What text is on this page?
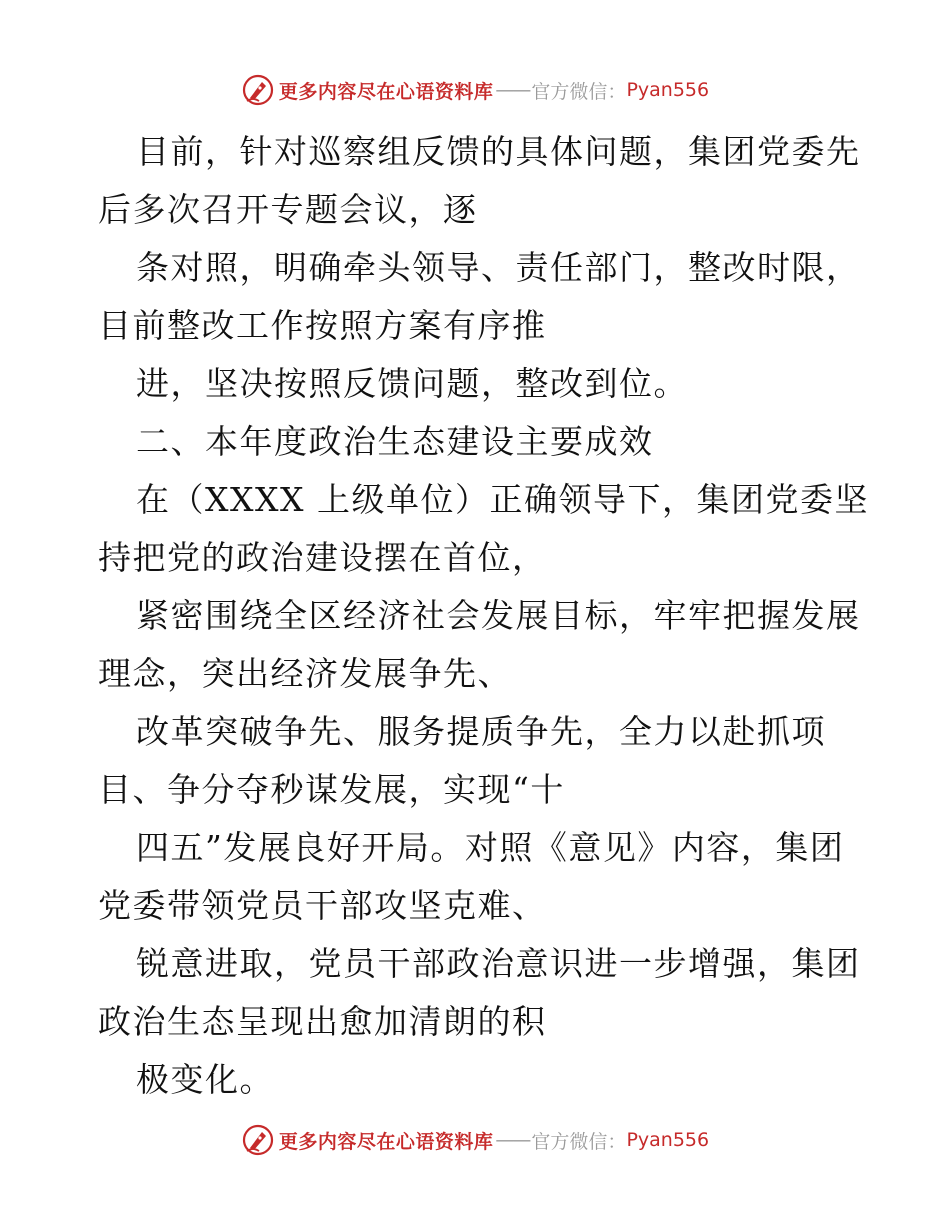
更多内容尽在心语资料库 —— 官方微信： Pyan556
目前，针对巡察组反馈的具体问题，集团党委先
后多次召开专题会议，逐
条对照，明确牵头领导、责任部门，整改时限，
目前整改工作按照方案有序推
进，坚决按照反馈问题，整改到位。
二、本年度政治生态建设主要成效
在（XXXX 上级单位）正确领导下，集团党委坚
持把党的政治建设摆在首位，
紧密围绕全区经济社会发展目标，牢牢把握发展
理念，突出经济发展争先、
改革突破争先、服务提质争先，全力以赴抓项
目、争分夺秒谋发展，实现“十
四五”发展良好开局。对照《意见》内容，集团
党委带领党员干部攻坚克难、
锐意进取，党员干部政治意识进一步增强，集团
政治生态呈现出愈加清朗的积
极变化。
更多内容尽在心语资料库 —— 官方微信： Pyan556
